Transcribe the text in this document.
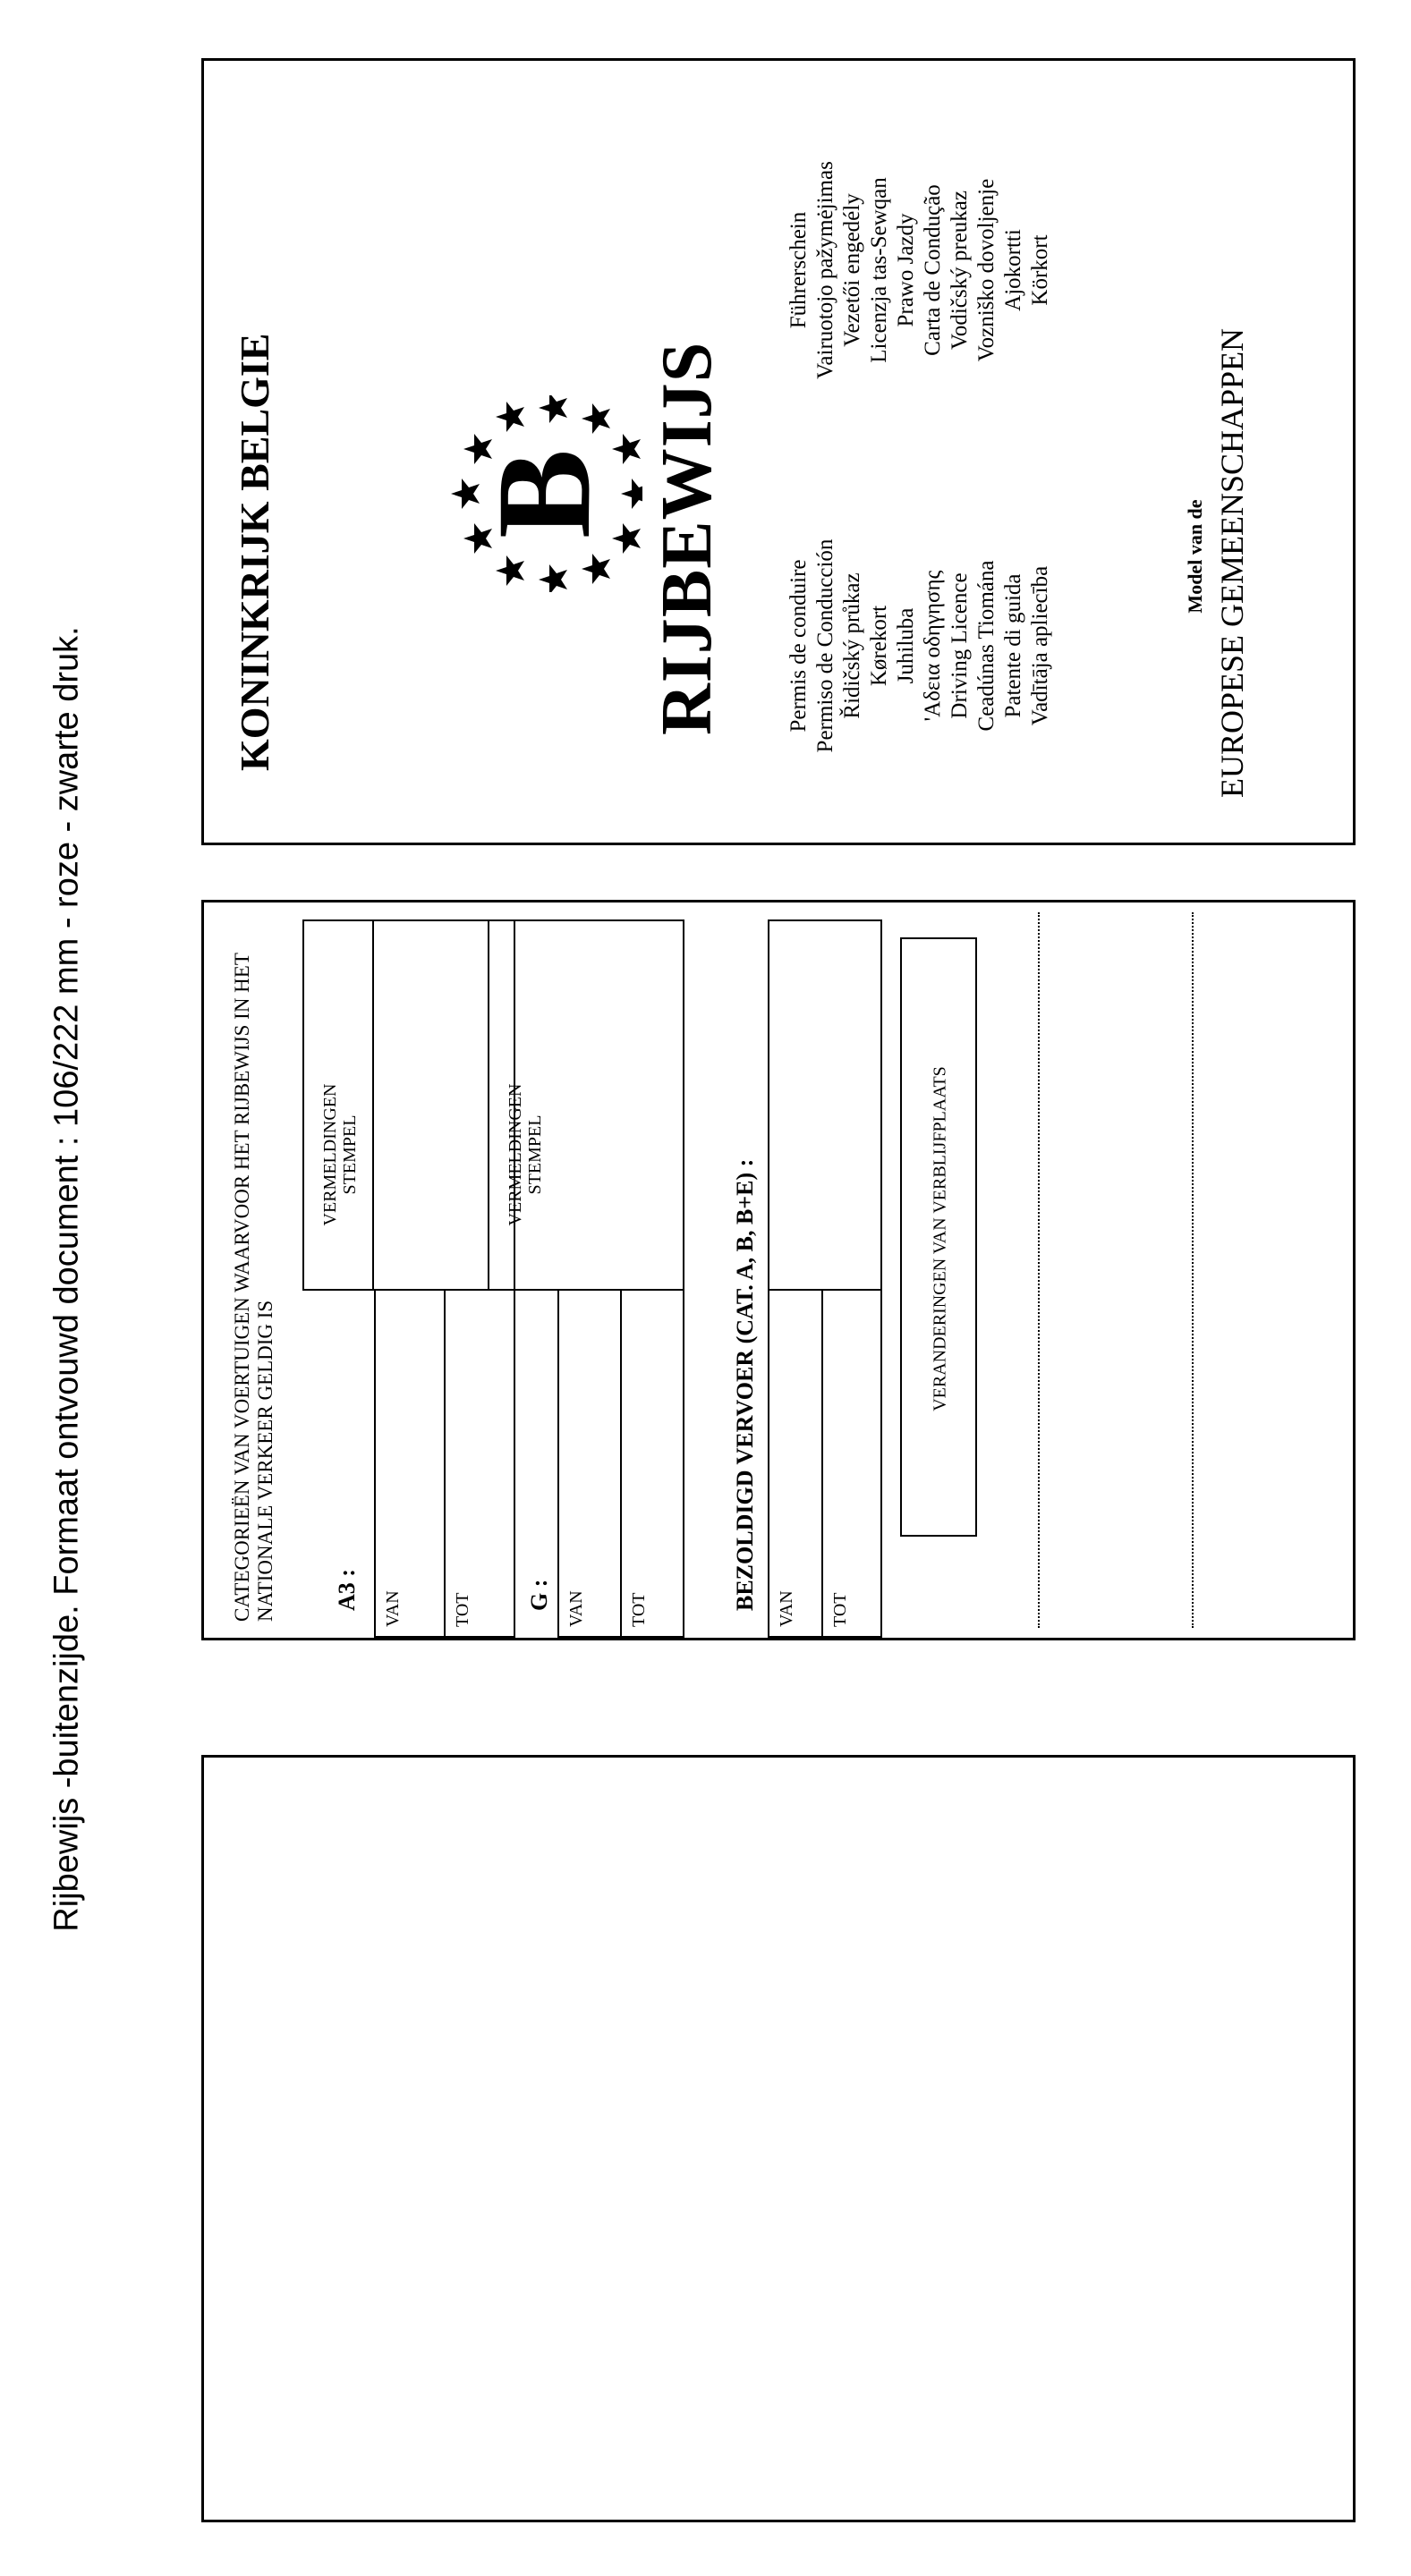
Rijbewijs -buitenzijde. Formaat ontvouwd document : 106/222 mm - roze - zwarte druk.	CATEGORIEËN VAN VOERTUIGEN WAARVOOR HET RIJBEWIJS IN HET NATIONALE VERKEER GELDIG IS A3 : VAN	TOT
VERMELDINGEN STEMPEL
G : VAN TOT
VERMELDINGEN STEMPEL
BEZOLDIGD VERVOER (CAT. A, B, B+E) : VAN TOT
VERANDERINGEN VAN VERBLIJFPLAATS
KONINKRIJK BELGIE B RIJBEWIJS	Permis de conduire Permiso de Conducción Řidičský průkaz Kørekort Juhiluba 'Αδεια οδηγησης Driving Licence Ceadúnas Tiomána Patente di guida Vadītāja apliecība
Führerschein Vairuotojo pažymėjimas Vezetői engedély Licenzja tas-Sewqan Prawo Jazdy Carta de Condução Vodičský preukaz Vozniško dovoljenje Ajokortti Körkort
Model van de EUROPESE GEMEENSCHAPPEN
